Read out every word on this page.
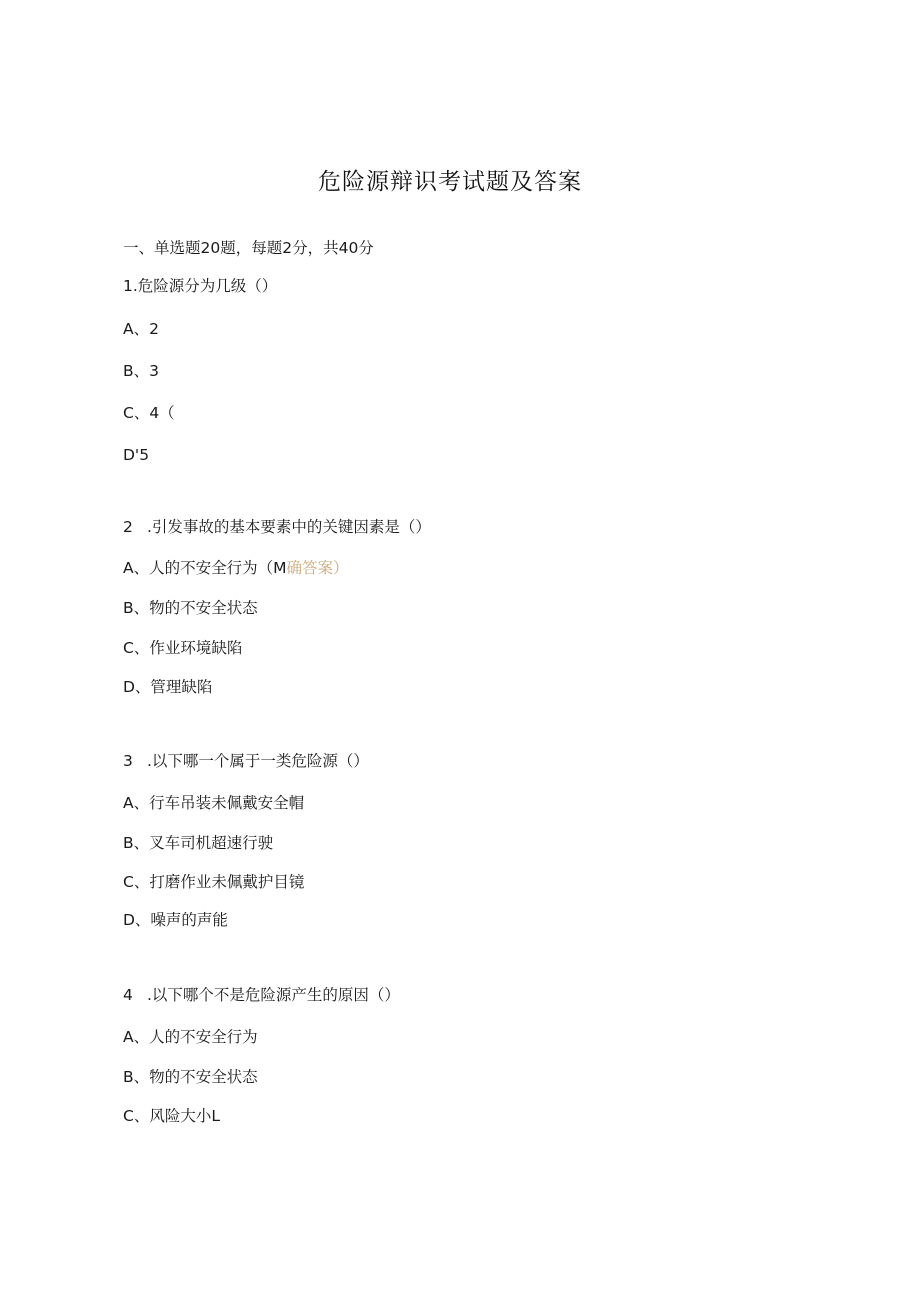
危险源辩识考试题及答案
一、单选题20题，每题2分，共40分
1.危险源分为几级（）
A、2
B、3
C、4（
D'5
2 .引发事故的基本要素中的关键因素是（）
A、人的不安全行为（M确答案）
B、物的不安全状态
C、作业环境缺陷
D、管理缺陷
3 .以下哪一个属于一类危险源（）
A、行车吊装未佩戴安全帽
B、叉车司机超速行驶
C、打磨作业未佩戴护目镜
D、噪声的声能
4 .以下哪个不是危险源产生的原因（）
A、人的不安全行为
B、物的不安全状态
C、风险大小L
